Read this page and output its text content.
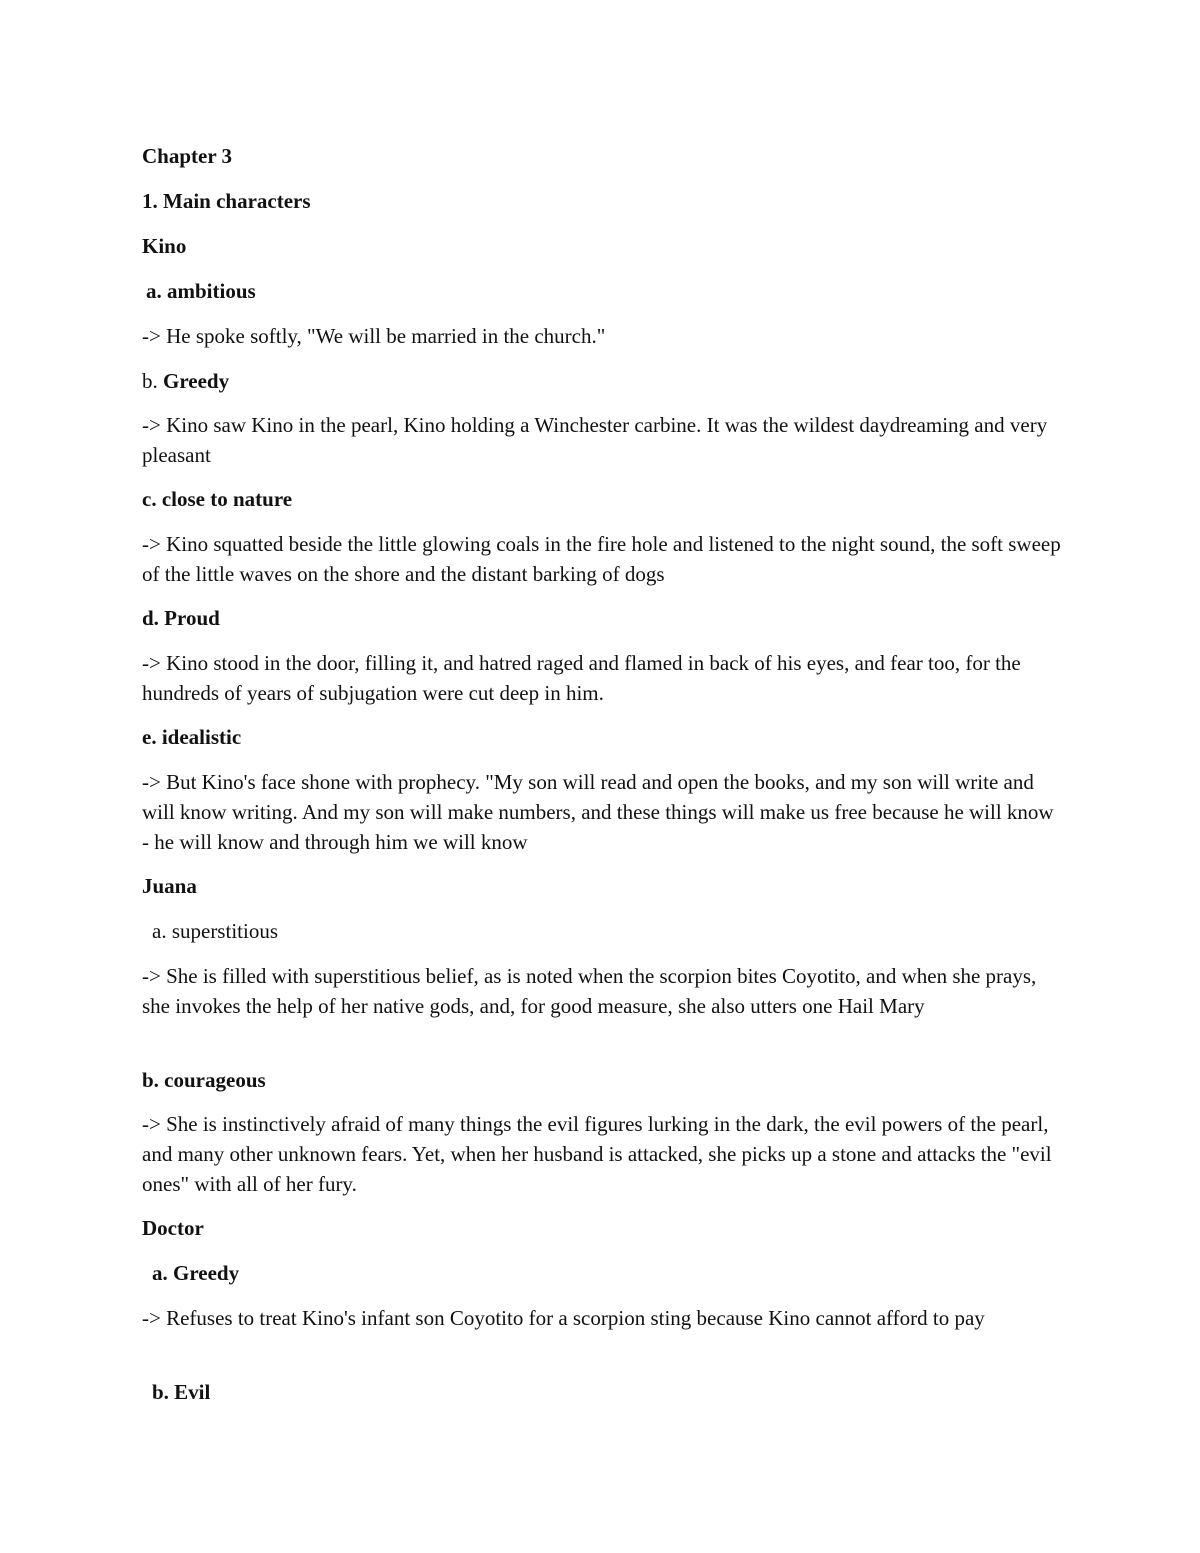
Chapter 3

1. Main characters

Kino

a. ambitious

-> He spoke softly, "We will be married in the church."

b. Greedy

-> Kino saw Kino in the pearl, Kino holding a Winchester carbine. It was the wildest daydreaming and very pleasant

c. close to nature

-> Kino squatted beside the little glowing coals in the fire hole and listened to the night sound, the soft sweep of the little waves on the shore and the distant barking of dogs

d. Proud

-> Kino stood in the door, filling it, and hatred raged and flamed in back of his eyes, and fear too, for the hundreds of years of subjugation were cut deep in him.

e. idealistic

-> But Kino's face shone with prophecy. "My son will read and open the books, and my son will write and will know writing. And my son will make numbers, and these things will make us free because he will know - he will know and through him we will know

Juana

a. superstitious

-> She is filled with superstitious belief, as is noted when the scorpion bites Coyotito, and when she prays, she invokes the help of her native gods, and, for good measure, she also utters one Hail Mary

b. courageous

-> She is instinctively afraid of many things the evil figures lurking in the dark, the evil powers of the pearl, and many other unknown fears. Yet, when her husband is attacked, she picks up a stone and attacks the "evil ones" with all of her fury.

Doctor

a. Greedy

-> Refuses to treat Kino's infant son Coyotito for a scorpion sting because Kino cannot afford to pay

b. Evil
